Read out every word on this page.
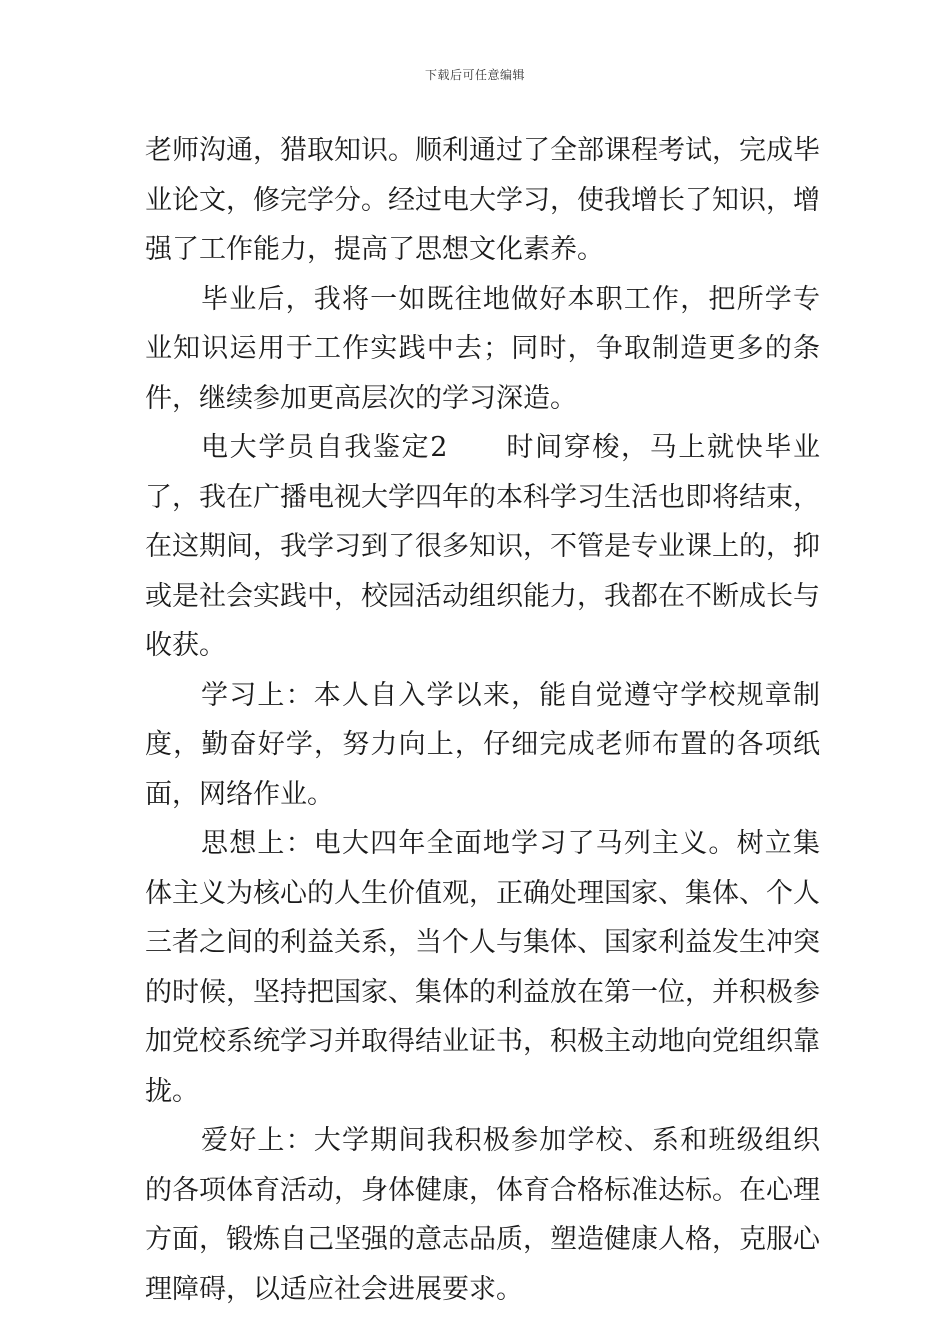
下载后可任意编辑

老师沟通，猎取知识。顺利通过了全部课程考试，完成毕业论文，修完学分。经过电大学习，使我增长了知识，增强了工作能力，提高了思想文化素养。

毕业后，我将一如既往地做好本职工作，把所学专业知识运用于工作实践中去；同时，争取制造更多的条件，继续参加更高层次的学习深造。

电大学员自我鉴定2　　时间穿梭，马上就快毕业了，我在广播电视大学四年的本科学习生活也即将结束，在这期间，我学习到了很多知识，不管是专业课上的，抑或是社会实践中，校园活动组织能力，我都在不断成长与收获。

学习上：本人自入学以来，能自觉遵守学校规章制度，勤奋好学，努力向上，仔细完成老师布置的各项纸面，网络作业。

思想上：电大四年全面地学习了马列主义。树立集体主义为核心的人生价值观，正确处理国家、集体、个人三者之间的利益关系，当个人与集体、国家利益发生冲突的时候，坚持把国家、集体的利益放在第一位，并积极参加党校系统学习并取得结业证书，积极主动地向党组织靠拢。

爱好上：大学期间我积极参加学校、系和班级组织的各项体育活动，身体健康，体育合格标准达标。在心理方面，锻炼自己坚强的意志品质，塑造健康人格，克服心理障碍，以适应社会进展要求。
